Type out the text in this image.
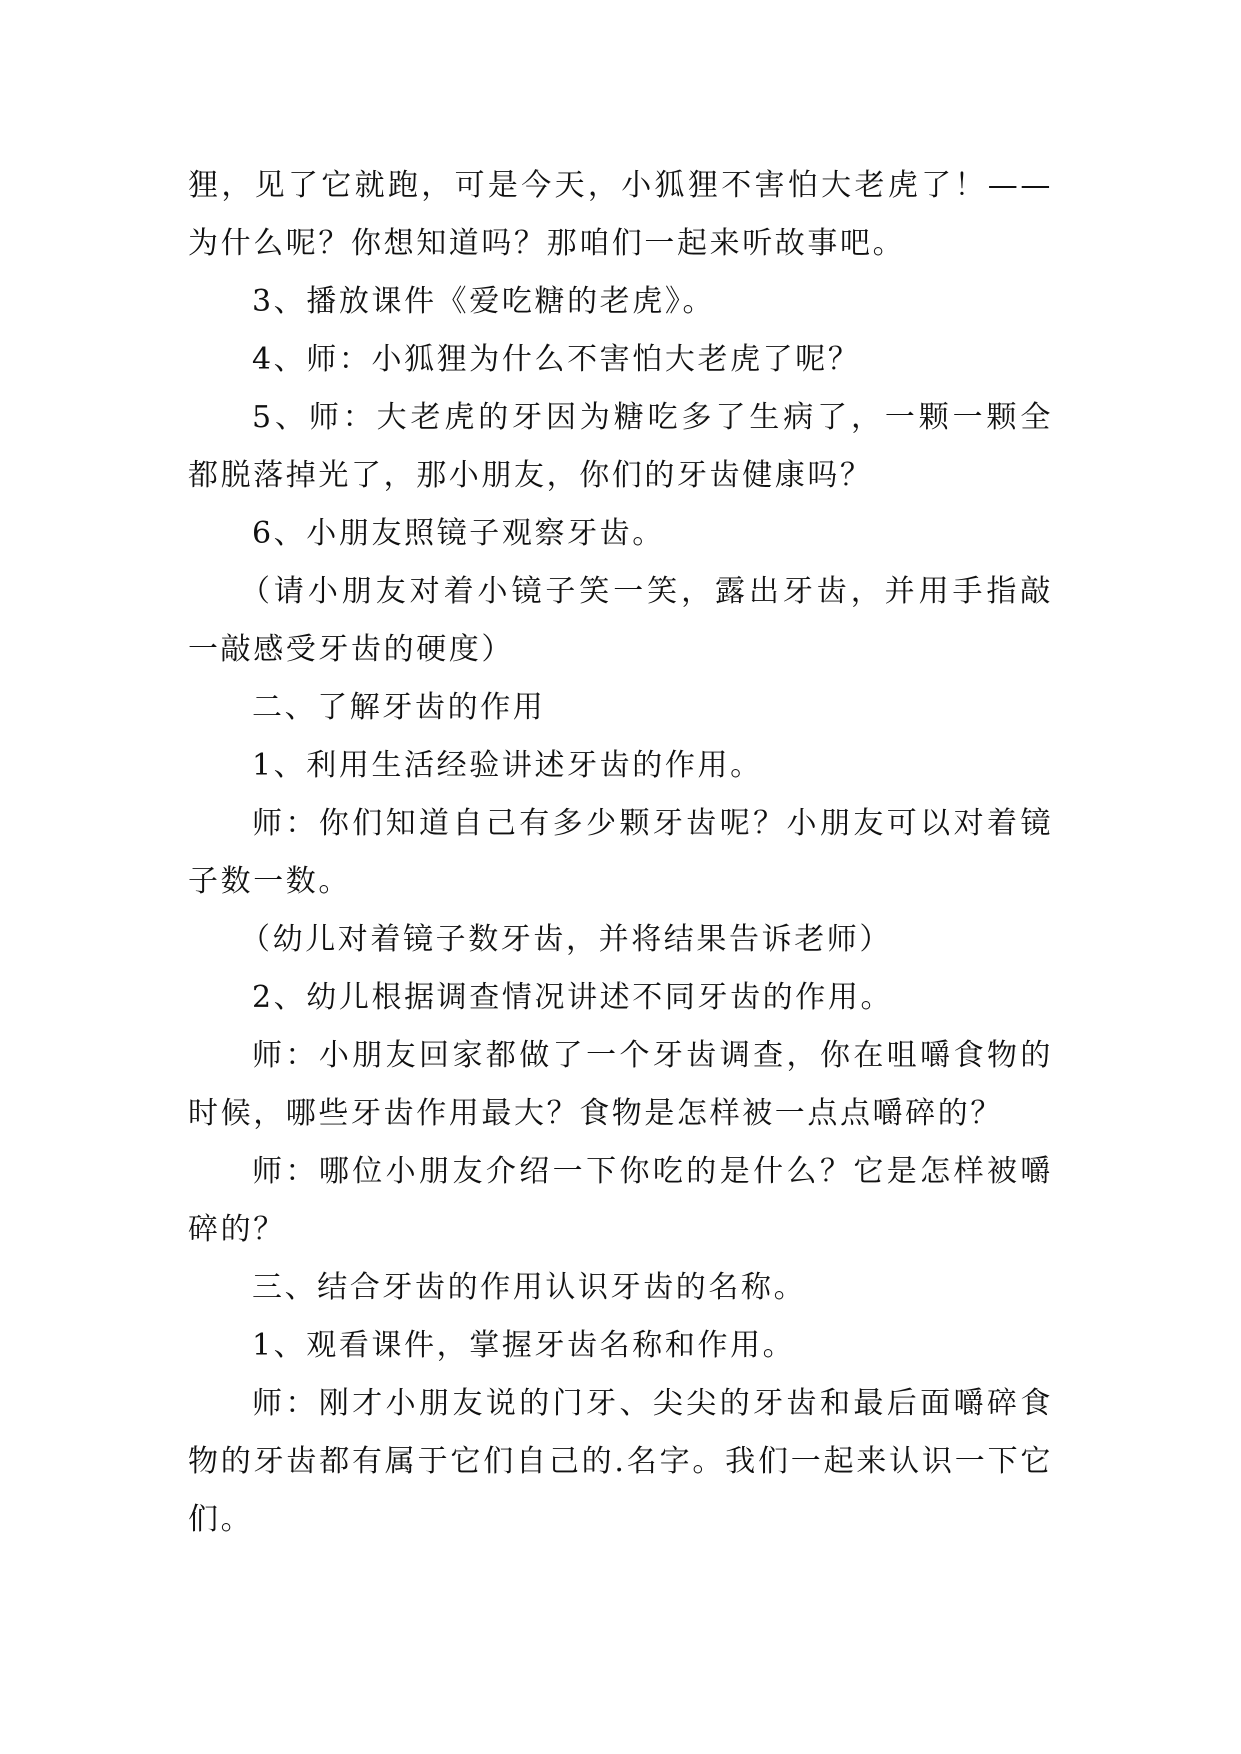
狸，见了它就跑，可是今天，小狐狸不害怕大老虎了！——为什么呢？你想知道吗？那咱们一起来听故事吧。

3、播放课件《爱吃糖的老虎》。

4、师：小狐狸为什么不害怕大老虎了呢？

5、师：大老虎的牙因为糖吃多了生病了，一颗一颗全都脱落掉光了，那小朋友，你们的牙齿健康吗？

6、小朋友照镜子观察牙齿。

（请小朋友对着小镜子笑一笑，露出牙齿，并用手指敲一敲感受牙齿的硬度）

二、了解牙齿的作用

1、利用生活经验讲述牙齿的作用。

师：你们知道自己有多少颗牙齿呢？小朋友可以对着镜子数一数。

（幼儿对着镜子数牙齿，并将结果告诉老师）

2、幼儿根据调查情况讲述不同牙齿的作用。

师：小朋友回家都做了一个牙齿调查，你在咀嚼食物的时候，哪些牙齿作用最大？食物是怎样被一点点嚼碎的？

师：哪位小朋友介绍一下你吃的是什么？它是怎样被嚼碎的？

三、结合牙齿的作用认识牙齿的名称。

1、观看课件，掌握牙齿名称和作用。

师：刚才小朋友说的门牙、尖尖的牙齿和最后面嚼碎食物的牙齿都有属于它们自己的.名字。我们一起来认识一下它们。
